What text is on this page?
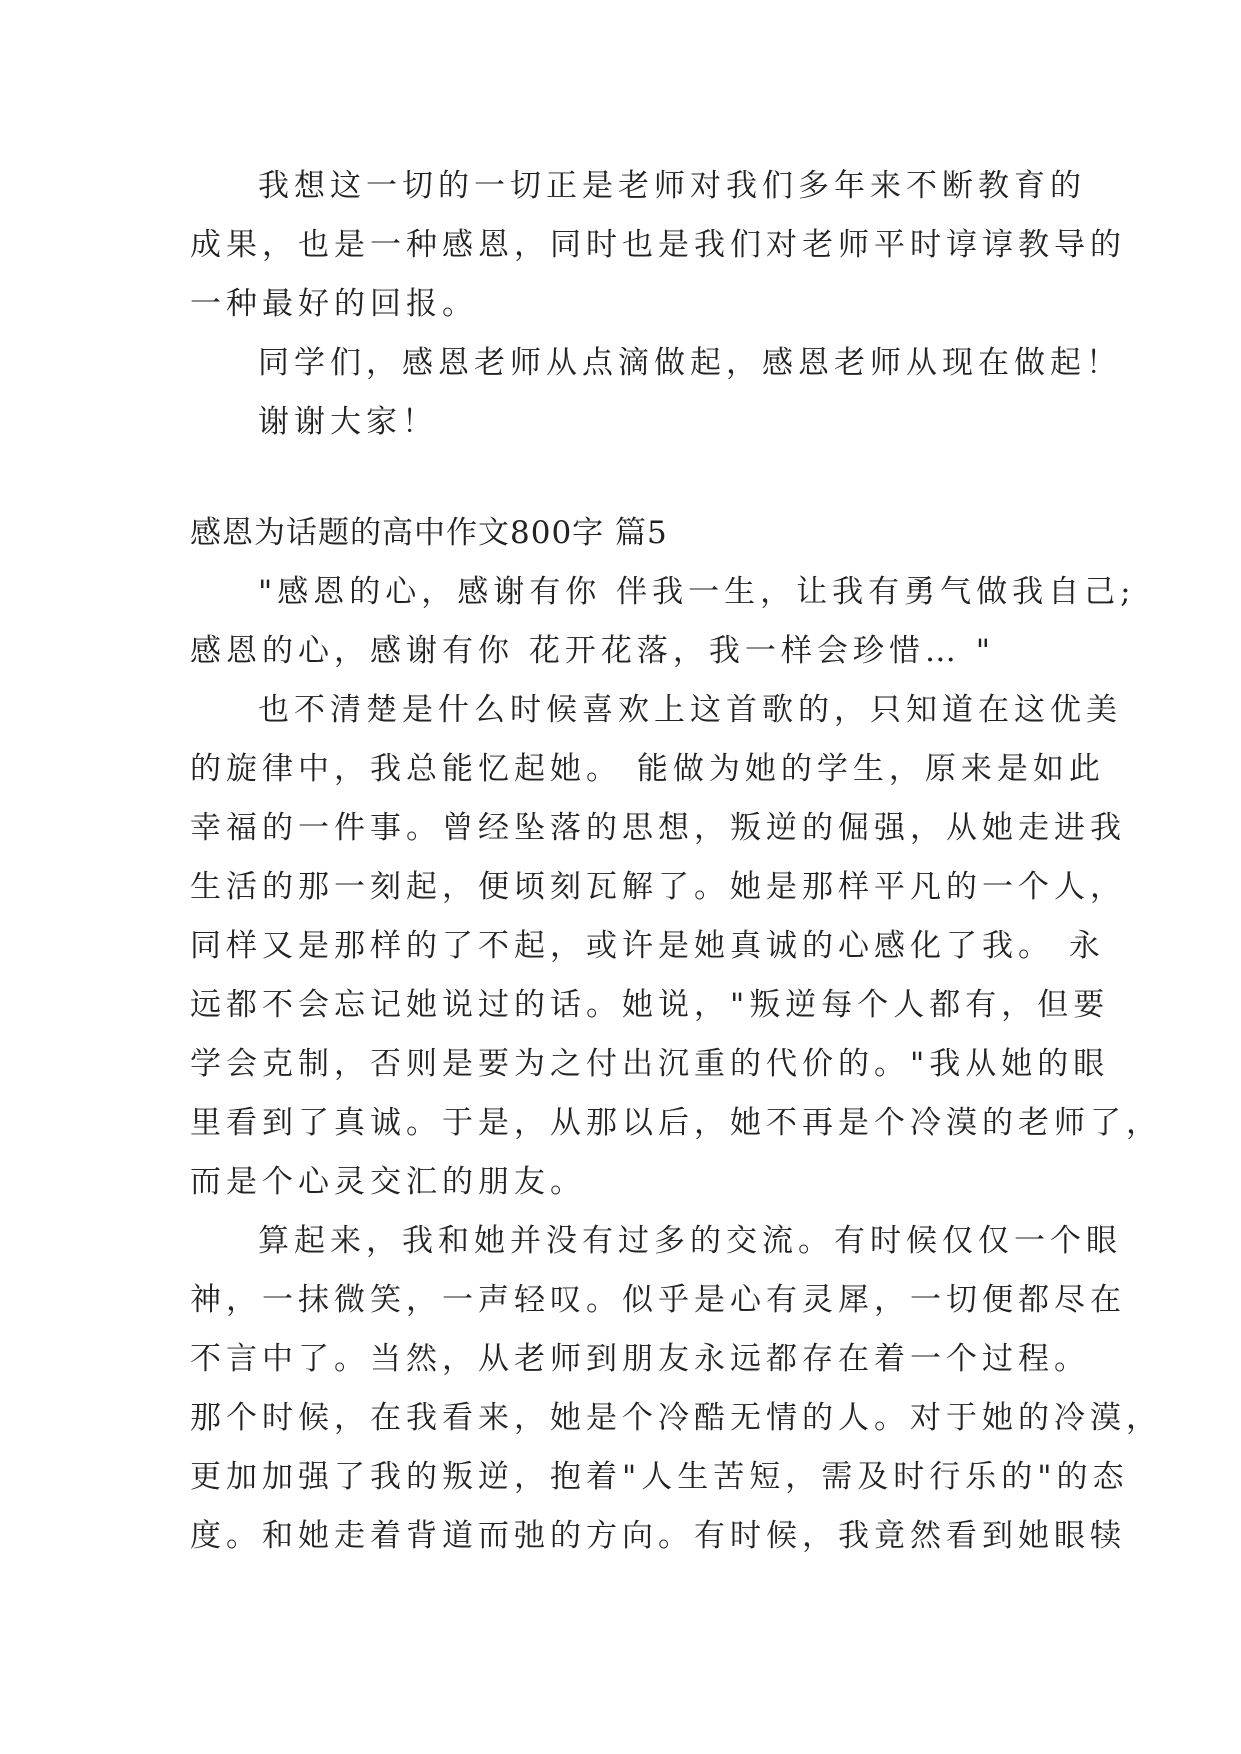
我想这一切的一切正是老师对我们多年来不断教育的
成果，也是一种感恩，同时也是我们对老师平时谆谆教导的
一种最好的回报。
同学们，感恩老师从点滴做起，感恩老师从现在做起！
谢谢大家！
感恩为话题的高中作文800字 篇5
"感恩的心，感谢有你 伴我一生，让我有勇气做我自己;
感恩的心，感谢有你 花开花落，我一样会珍惜… "
也不清楚是什么时候喜欢上这首歌的，只知道在这优美
的旋律中，我总能忆起她。 能做为她的学生，原来是如此
幸福的一件事。曾经坠落的思想，叛逆的倔强，从她走进我
生活的那一刻起，便顷刻瓦解了。她是那样平凡的一个人，
同样又是那样的了不起，或许是她真诚的心感化了我。 永
远都不会忘记她说过的话。她说，"叛逆每个人都有，但要
学会克制，否则是要为之付出沉重的代价的。"我从她的眼
里看到了真诚。于是，从那以后，她不再是个冷漠的老师了，
而是个心灵交汇的朋友。
算起来，我和她并没有过多的交流。有时候仅仅一个眼
神，一抹微笑，一声轻叹。似乎是心有灵犀，一切便都尽在
不言中了。当然，从老师到朋友永远都存在着一个过程。
那个时候，在我看来，她是个冷酷无情的人。对于她的冷漠，
更加加强了我的叛逆，抱着"人生苦短，需及时行乐的"的态
度。和她走着背道而弛的方向。有时候，我竟然看到她眼犊
